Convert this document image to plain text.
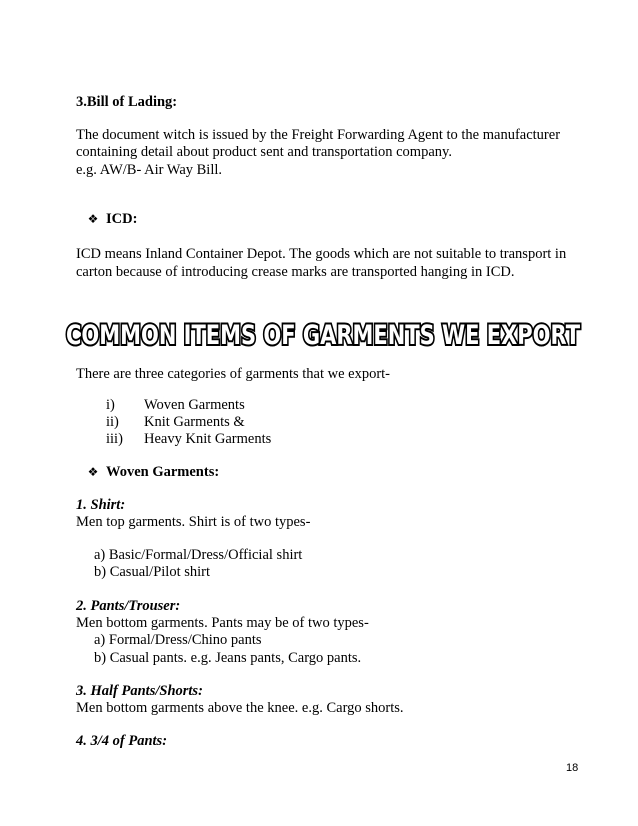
3.Bill of Lading:
The document witch is issued by the Freight Forwarding Agent to the manufacturer
containing detail about product sent and transportation company.
e.g. AW/B- Air Way Bill.
❖ ICD:
ICD means Inland Container Depot. The goods which are not suitable to transport in
carton because of introducing crease marks are transported hanging in ICD.
COMMON ITEMS OF GARMENTS WE EXPORT
There are three categories of garments that we export-
i) Woven Garments
ii) Knit Garments &
iii) Heavy Knit Garments
❖ Woven Garments:
1. Shirt:
Men top garments. Shirt is of two types-
a) Basic/Formal/Dress/Official shirt
b) Casual/Pilot shirt
2. Pants/Trouser:
Men bottom garments. Pants may be of two types-
a) Formal/Dress/Chino pants
b) Casual pants. e.g. Jeans pants, Cargo pants.
3. Half Pants/Shorts:
Men bottom garments above the knee. e.g. Cargo shorts.
4. 3/4 of Pants:
18
